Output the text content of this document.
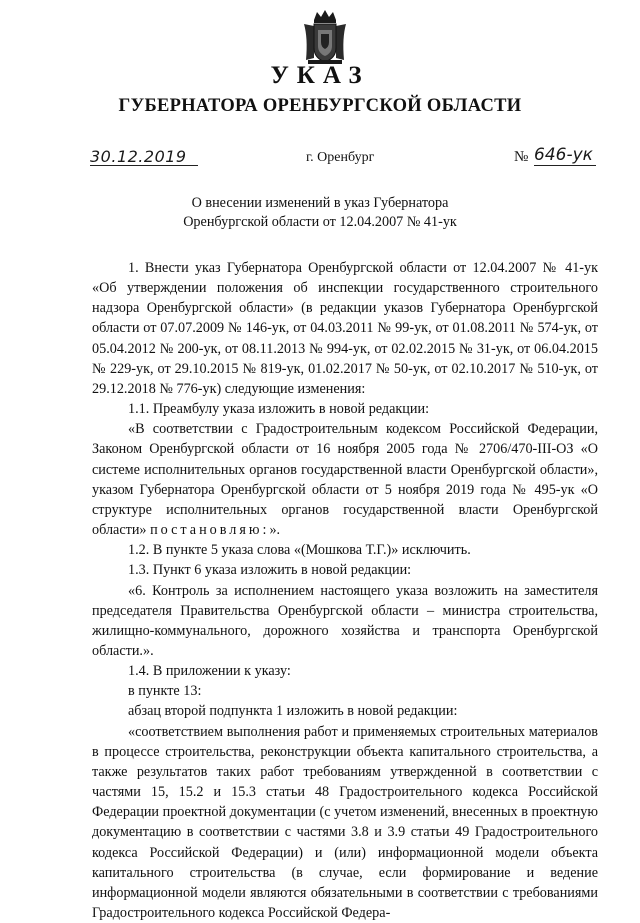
УКАЗ
ГУБЕРНАТОРА ОРЕНБУРГСКОЙ ОБЛАСТИ
30.12.2019	г. Оренбург	№ 646-ук
О внесении изменений в указ Губернатора
Оренбургской области от 12.04.2007 № 41-ук

1. Внести указ Губернатора Оренбургской области от 12.04.2007 № 41-ук «Об утверждении положения об инспекции государственного строительного надзора Оренбургской области» (в редакции указов Губернатора Оренбургской области от 07.07.2009 № 146-ук, от 04.03.2011 № 99-ук, от 01.08.2011 № 574-ук, от 05.04.2012 № 200-ук, от 08.11.2013 № 994-ук, от 02.02.2015 № 31-ук, от 06.04.2015 № 229-ук, от 29.10.2015 № 819-ук, 01.02.2017 № 50-ук, от 02.10.2017 № 510-ук, от 29.12.2018 № 776-ук) следующие изменения:

1.1. Преамбулу указа изложить в новой редакции:

«В соответствии с Градостроительным кодексом Российской Федерации, Законом Оренбургской области от 16 ноября 2005 года № 2706/470-III-ОЗ «О системе исполнительных органов государственной власти Оренбургской области», указом Губернатора Оренбургской области от 5 ноября 2019 года № 495-ук «О структуре исполнительных органов государственной власти Оренбургской области» постановляю:».

1.2. В пункте 5 указа слова «(Мошкова Т.Г.)» исключить.

1.3. Пункт 6 указа изложить в новой редакции:

«6. Контроль за исполнением настоящего указа возложить на заместителя председателя Правительства Оренбургской области – министра строительства, жилищно-коммунального, дорожного хозяйства и транспорта Оренбургской области.».

1.4. В приложении к указу:

в пункте 13:

абзац второй подпункта 1 изложить в новой редакции:

«соответствием выполнения работ и применяемых строительных материалов в процессе строительства, реконструкции объекта капитального строительства, а также результатов таких работ требованиям утвержденной в соответствии с частями 15, 15.2 и 15.3 статьи 48 Градостроительного кодекса Российской Федерации проектной документации (с учетом изменений, внесенных в проектную документацию в соответствии с частями 3.8 и 3.9 статьи 49 Градостроительного кодекса Российской Федерации) и (или) информационной модели объекта капитального строительства (в случае, если формирование и ведение информационной модели являются обязательными в соответствии с требованиями Градостроительного кодекса Российской Федера-
